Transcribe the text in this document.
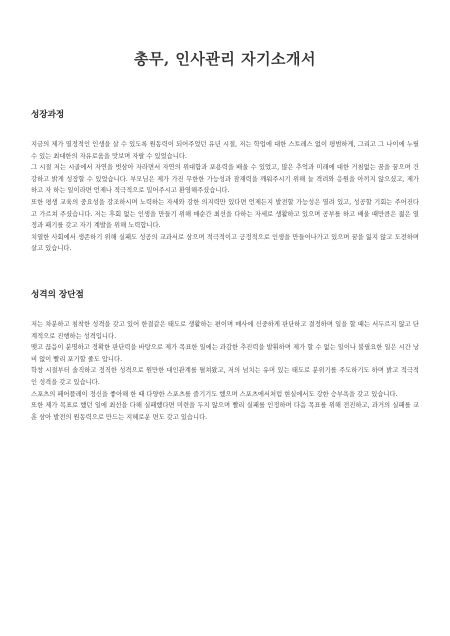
총무, 인사관리 자기소개서
성장과정

지금의 제가 열정적인 인생을 살 수 있도록 원동력이 되어주었던 유년 시절, 저는 학업에 대한 스트레스 없이 평범하게, 그리고 그 나이에 누릴 수 있는 최대한의 자유로움을 맛보며 자랄 수 있었습니다.

그 시절 저는 시골에서 자연을 벗삼아 자라면서 자연의 위대함과 포용력을 배울 수 있었고, 많은 추억과 미래에 대한 거침없는 꿈을 꿈으며 건강하고 밝게 성장할 수 있었습니다. 부모님은 제가 가진 무한한 가능성과 잠재력을 깨워주시기 위해 늘 격려와 응원을 아끼지 않으셨고, 제가 하고 자 하는 일이라면 언제나 적극적으로 밀어주시고 환영해주셨습니다.

또한 평생 교육의 중요성을 강조하시며 노력하는 자세와 강한 의지력만 있다면 언제든지 발전할 가능성은 열려 있고, 성공할 기회는 주어진다고 가르쳐 주셨습니다. 저는 후회 없는 인생을 만들기 위해 매순간 최선을 다하는 자세로 생활하고 있으며 공부를 하고 배울 때만큼은 젊은 열정과 패기를 갖고 자기 계발을 위해 노력합니다.

치열한 사회에서 생존하기 위해 실패도 성공의 교과서로 삼으며 적극적이고 긍정적으로 인생을 만들어나가고 있으며 꿈을 잃지 않고 도전하며 살고 있습니다.

성격의 장단점

저는 차분하고 침착한 성격을 갖고 있어 한결같은 태도로 생활하는 편이며 매사에 신중하게 판단하고 결정하며 일을 할 때는 서두르지 않고 단계적으로 진행하는 성격입니다.

맺고 끊음이 분명하고 정확한 판단력을 바탕으로 제가 목표한 일에는 과감한 추진력을 발휘하며 제가 할 수 없는 일이나 불필요한 일은 시간 낭비 없이 빨리 포기할 줄도 압니다.

학창 시절부터 솔직하고 정직한 성격으로 원만한 대인관계를 펼쳐왔고, 저의 넘치는 유머 있는 태도로 분위기를 주도하기도 하며 밝고 적극적인 성격을 갖고 있습니다.

스포츠의 페어플레이 정신을 좋아해 한 때 다양한 스포츠를 즐기기도 했으며 스포츠에서처럼 현실에서도 강한 승부욕을 갖고 있습니다.

또한 제가 목표로 했던 일에 최선을 다해 실패했다면 미련을 두지 않으며 빨리 실패를 인정하며 다음 목표를 위해 전진하고, 과거의 실패를 교훈 삼아 발전의 원동력으로 만드는 지혜로운 면도 갖고 있습니다.
